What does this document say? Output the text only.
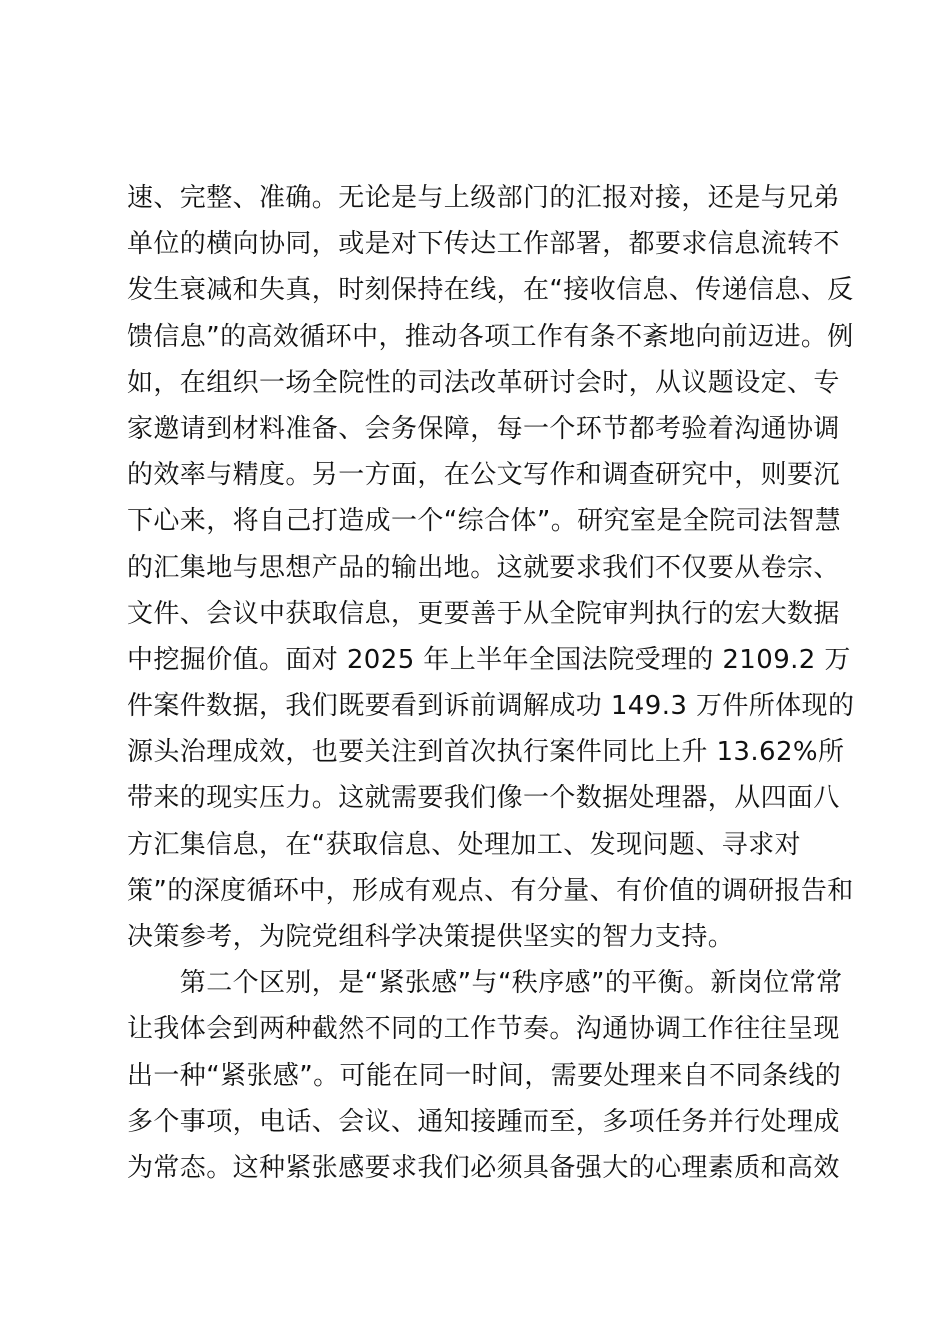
速、完整、准确。无论是与上级部门的汇报对接，还是与兄弟
单位的横向协同，或是对下传达工作部署，都要求信息流转不
发生衰减和失真，时刻保持在线，在“接收信息、传递信息、反
馈信息”的高效循环中，推动各项工作有条不紊地向前迈进。例
如，在组织一场全院性的司法改革研讨会时，从议题设定、专
家邀请到材料准备、会务保障，每一个环节都考验着沟通协调
的效率与精度。另一方面，在公文写作和调查研究中，则要沉
下心来，将自己打造成一个“综合体”。研究室是全院司法智慧
的汇集地与思想产品的输出地。这就要求我们不仅要从卷宗、
文件、会议中获取信息，更要善于从全院审判执行的宏大数据
中挖掘价值。面对 2025 年上半年全国法院受理的 2109.2 万
件案件数据，我们既要看到诉前调解成功 149.3 万件所体现的
源头治理成效，也要关注到首次执行案件同比上升 13.62%所
带来的现实压力。这就需要我们像一个数据处理器，从四面八
方汇集信息，在“获取信息、处理加工、发现问题、寻求对
策”的深度循环中，形成有观点、有分量、有价值的调研报告和
决策参考，为院党组科学决策提供坚实的智力支持。
　　第二个区别，是“紧张感”与“秩序感”的平衡。新岗位常常
让我体会到两种截然不同的工作节奏。沟通协调工作往往呈现
出一种“紧张感”。可能在同一时间，需要处理来自不同条线的
多个事项，电话、会议、通知接踵而至，多项任务并行处理成
为常态。这种紧张感要求我们必须具备强大的心理素质和高效
